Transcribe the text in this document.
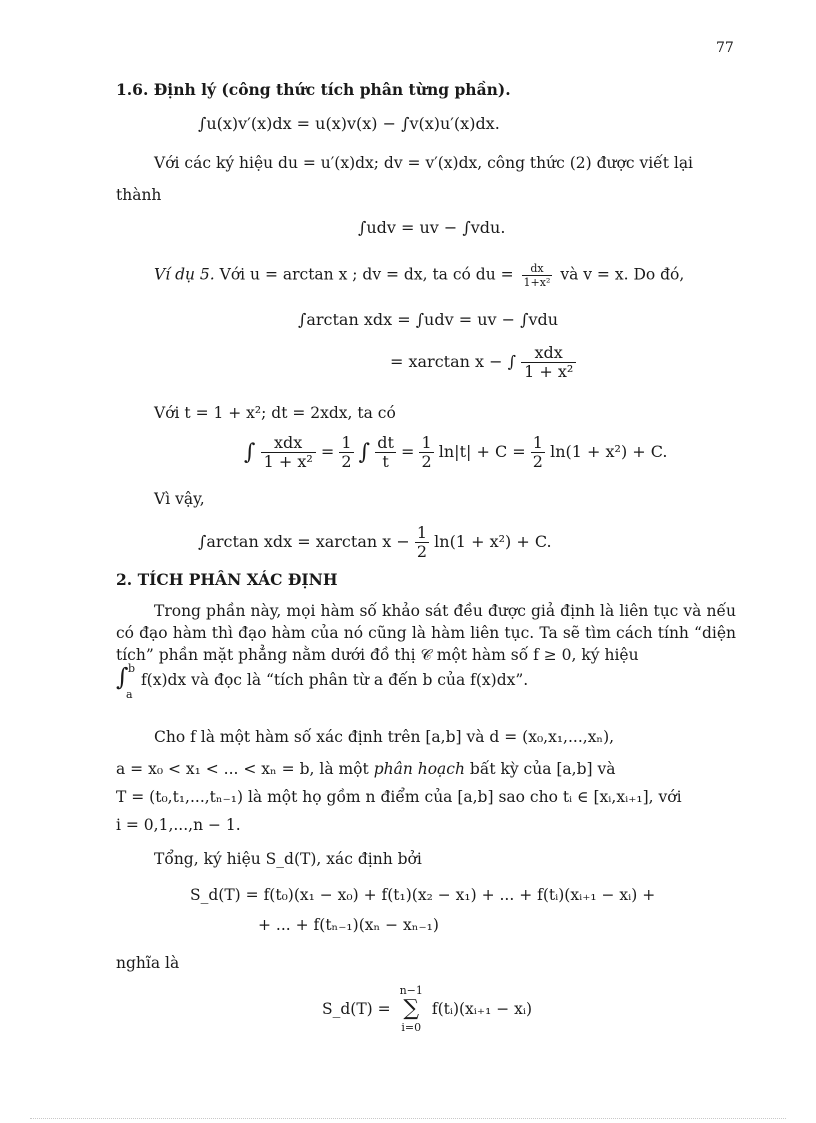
77
1.6. Định lý (công thức tích phân từng phần).
∫u(x)v′(x)dx = u(x)v(x) − ∫v(x)u′(x)dx.
Với các ký hiệu du = u′(x)dx; dv = v′(x)dx, công thức (2) được viết lại
thành
∫udv = uv − ∫vdu.
Ví dụ 5. Với u = arctan x ; dv = dx, ta có du = $\frac{dx}{\text{1+x²}}$ và v = x. Do đó,
∫arctan xdx = ∫udv = uv − ∫vdu
= xarctan x − ∫	xdx
1 + x²
Với t = 1 + x²; dt = 2xdx, ta có
∫	xdx
1 + x²
= $\frac{1}{2}$ ∫ $\frac{dt}{t} = \frac{1}{2} \ln|t| + C = \frac{1}{2} \ln(1 + x^2) + C$.
Vì vậy,
∫arctan xdx = xarctan $x - \frac{1}{2} \ln(1 + x^2) + C$.
2. TÍCH PHÂN XÁC ĐỊNH
Trong phần này, mọi hàm số khảo sát đều được giả định là liên tục và nếu có đạo hàm thì đạo hàm của nó cũng là hàm liên tục. Ta sẽ tìm cách tính “diện tích” phần mặt phẳng nằm dưới đồ thị 𝒞 một hàm số f ≥ 0, ký hiệu
∫ b
a
f(x)dx và đọc là “tích phân từ a đến b của f(x)dx”.
Cho f là một hàm số xác định trên [a,b] và d = (x₀,x₁,...,xₙ),
a = x₀ < x₁ < ... < xₙ = b, là một phân hoạch bất kỳ của [a,b] và
T = (t₀,t₁,...,tₙ₋₁) là một họ gồm n điểm của [a,b] sao cho tᵢ ∈ [xᵢ,xᵢ₊₁], với
i = 0,1,...,n − 1.
Tổng, ký hiệu S_d(T), xác định bởi
S_d(T) = f(t₀)(x₁ − x₀) + f(t₁)(x₂ − x₁) + ... + f(tᵢ)(xᵢ₊₁ − xᵢ) +
+ ... + f(tₙ₋₁)(xₙ − xₙ₋₁)
nghĩa là
S_d(T) =
n−1
∑
i=0
f(tᵢ)(xᵢ₊₁ − xᵢ)
